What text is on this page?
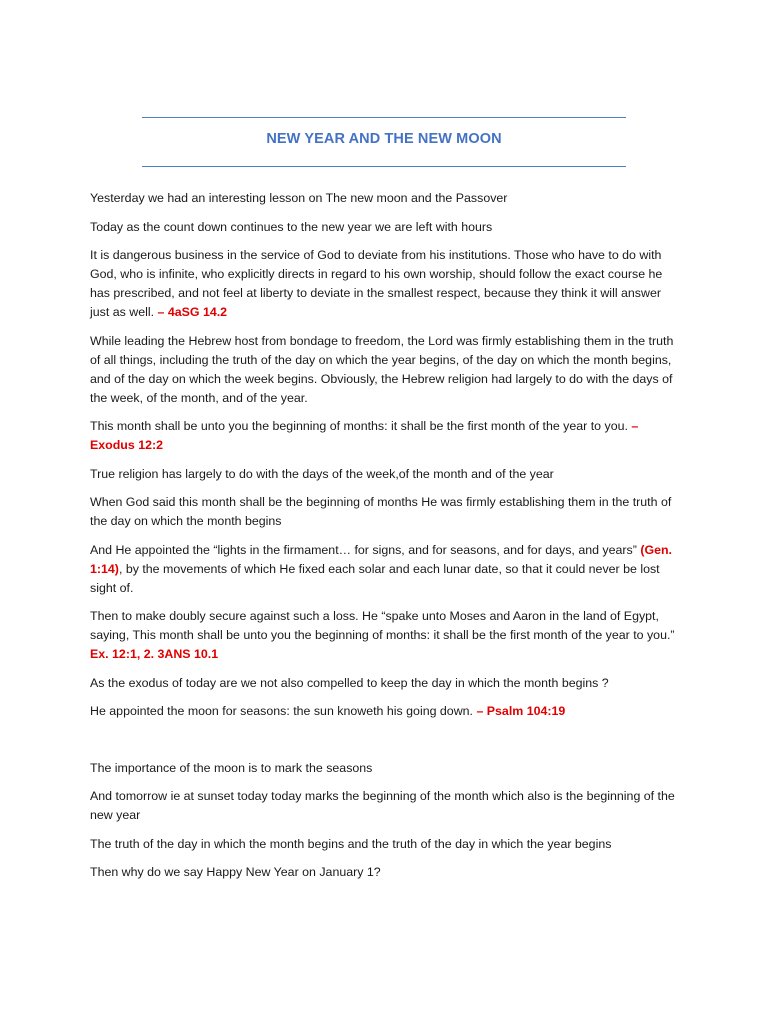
NEW YEAR AND THE NEW MOON

Yesterday we had an interesting lesson on The new moon and the Passover

Today as the count down continues to the new year we are left with hours

It is dangerous business in the service of God to deviate from his institutions. Those who have to do with God, who is infinite, who explicitly directs in regard to his own worship, should follow the exact course he has prescribed, and not feel at liberty to deviate in the smallest respect, because they think it will answer just as well. – 4aSG 14.2

While leading the Hebrew host from bondage to freedom, the Lord was firmly establishing them in the truth of all things, including the truth of the day on which the year begins, of the day on which the month begins, and of the day on which the week begins. Obviously, the Hebrew religion had largely to do with the days of the week, of the month, and of the year.

This month shall be unto you the beginning of months: it shall be the first month of the year to you. – Exodus 12:2

True religion has largely to do with the days of the week,of the month and of the year

When God said this month shall be the beginning of months He was firmly establishing them in the truth of the day on which the month begins

And He appointed the “lights in the firmament… for signs, and for seasons, and for days, and years” (Gen. 1:14), by the movements of which He fixed each solar and each lunar date, so that it could never be lost sight of.

Then to make doubly secure against such a loss. He “spake unto Moses and Aaron in the land of Egypt, saying, This month shall be unto you the beginning of months: it shall be the first month of the year to you.” Ex. 12:1, 2. 3ANS 10.1

As the exodus of today are we not also compelled to keep the day in which the month begins ?

He appointed the moon for seasons: the sun knoweth his going down. – Psalm 104:19

The importance of the moon is to mark the seasons

And tomorrow ie at sunset today today marks the beginning of the month which also is the beginning of the new year

The truth of the day in which the month begins and the truth of the day in which the year begins

Then why do we say Happy New Year on January 1?
